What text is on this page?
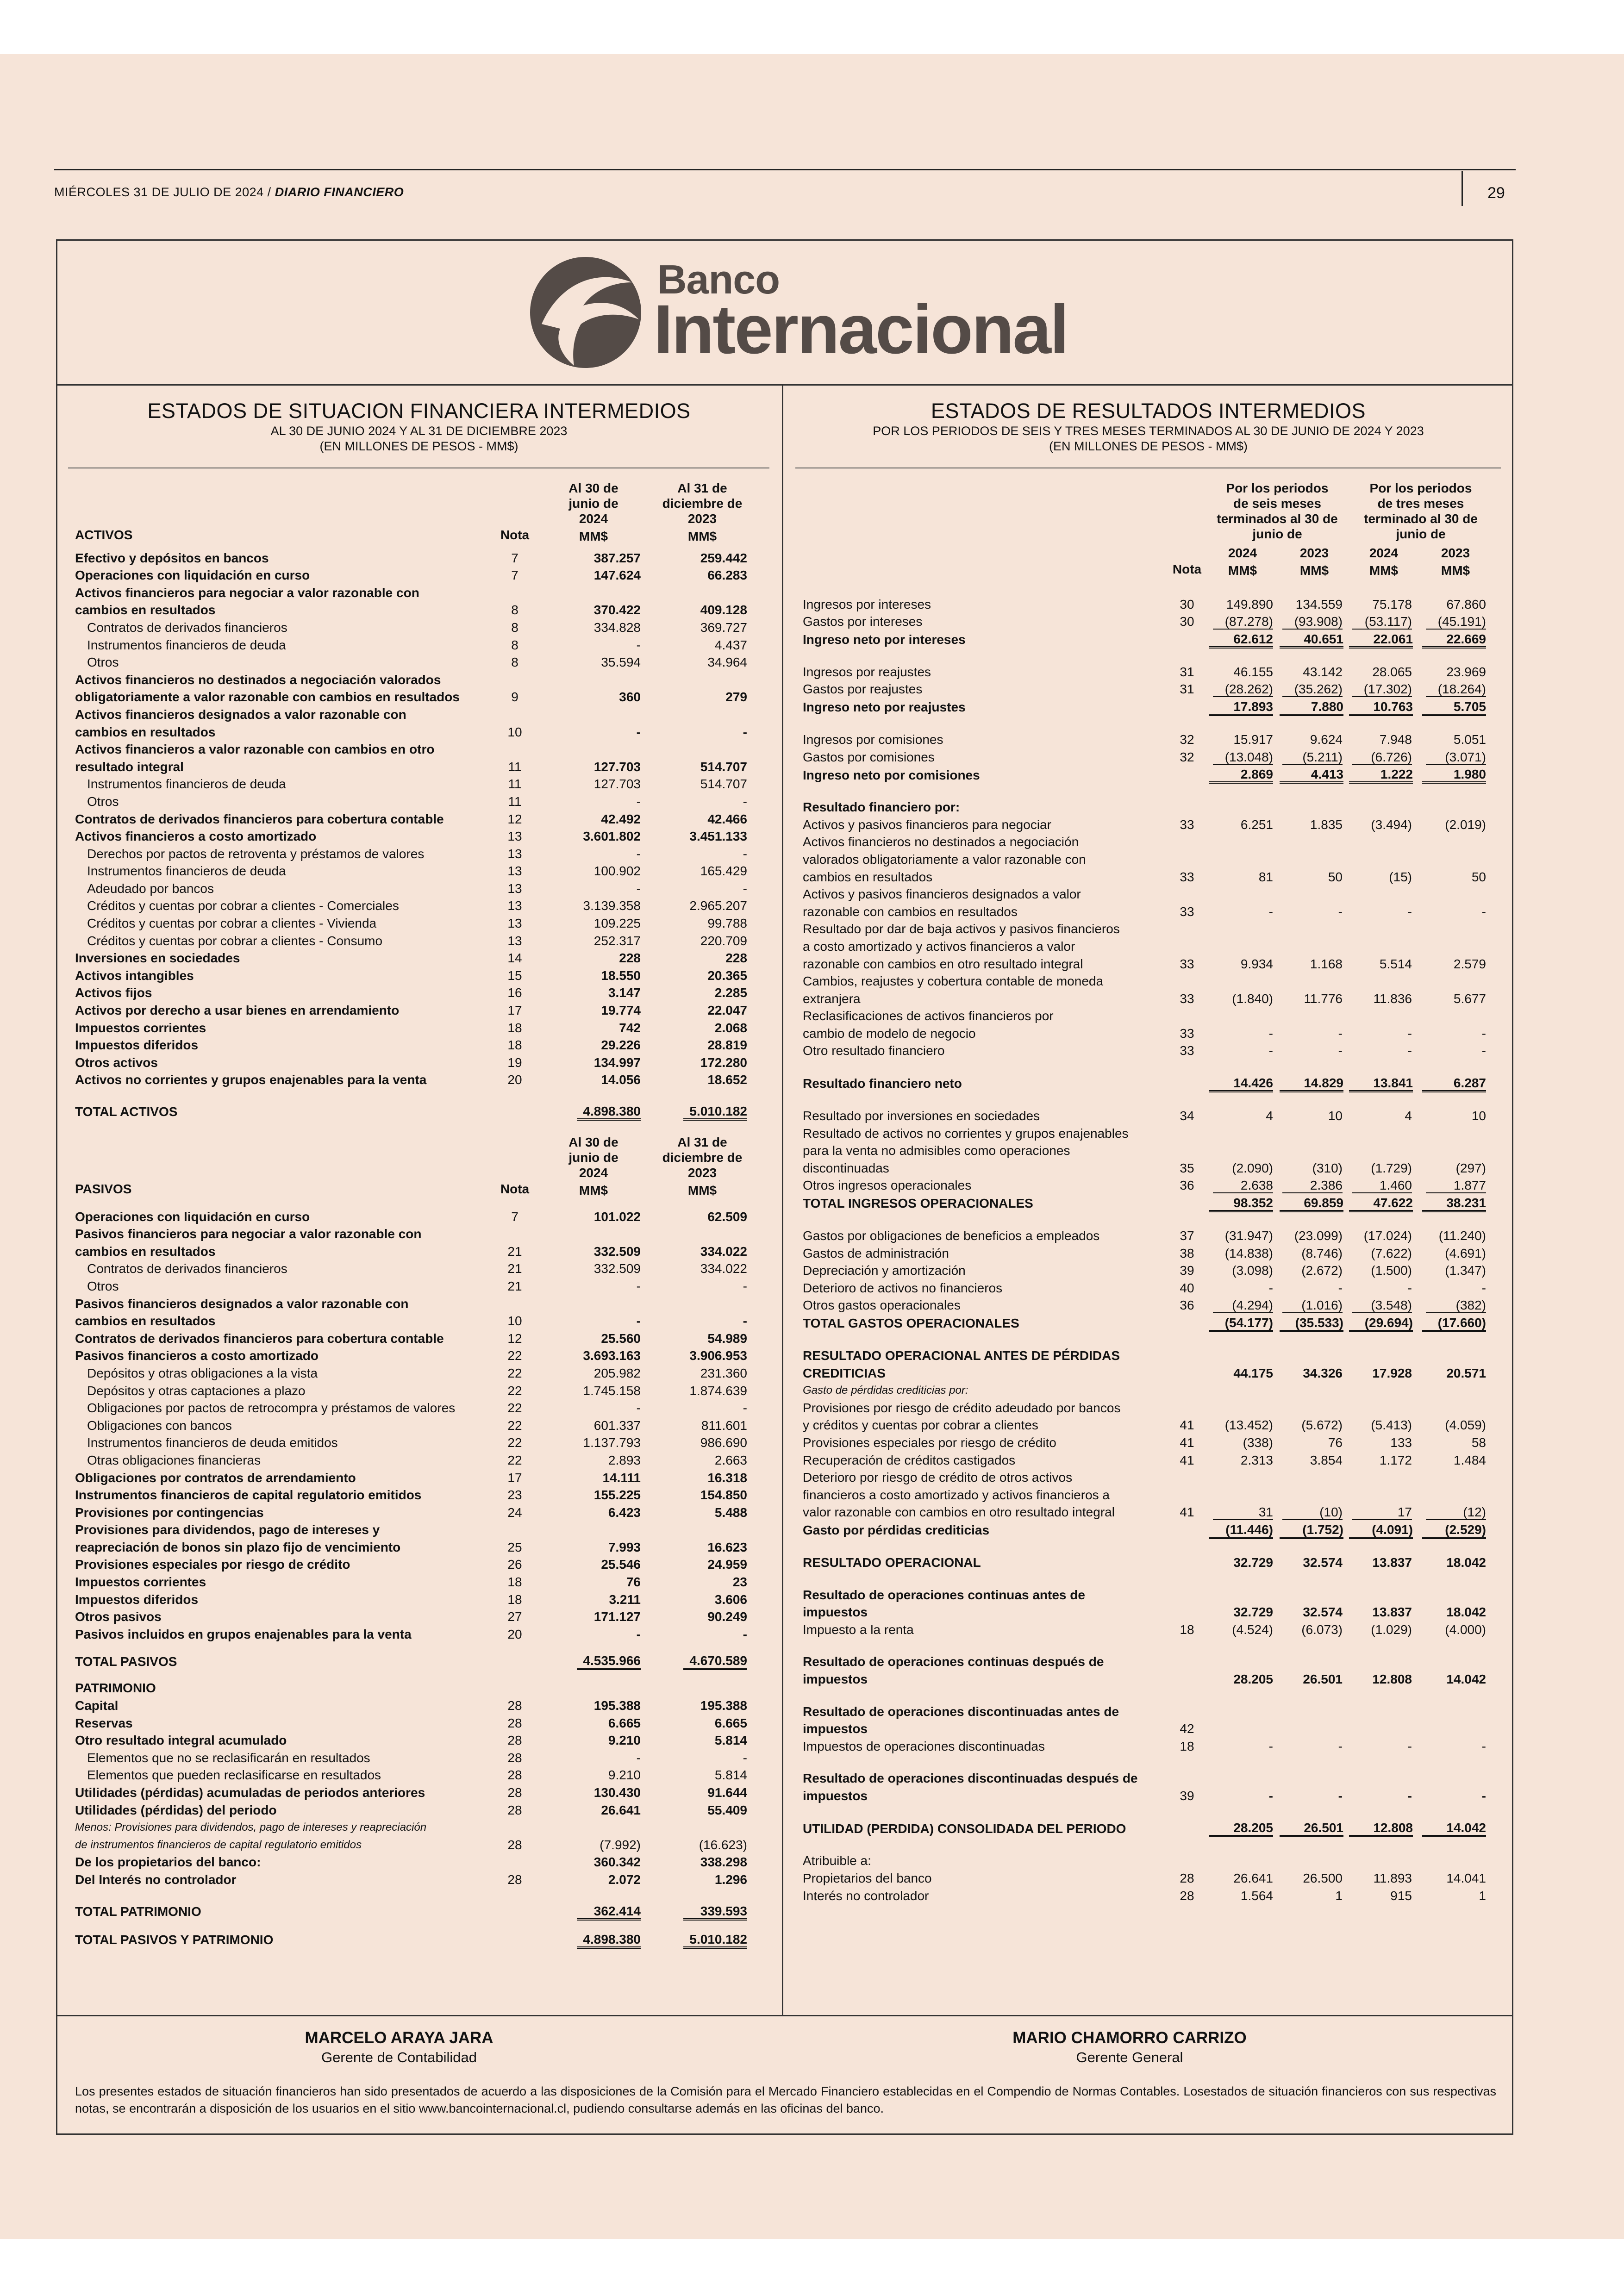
MIÉRCOLES 31 DE JULIO DE 2024 / DIARIO FINANCIERO	29
Banco
Internacional
ESTADOS DE SITUACION FINANCIERA INTERMEDIOS
AL 30 DE JUNIO 2024 Y AL 31 DE DICIEMBRE 2023
(EN MILLONES DE PESOS - MM$)
ESTADOS DE RESULTADOS INTERMEDIOS
POR LOS PERIODOS DE SEIS Y TRES MESES TERMINADOS AL 30 DE JUNIO DE 2024 Y 2023
(EN MILLONES DE PESOS - MM$)
		Al 30 de	Al 31 de
		junio de	diciembre de
		2024	2023
ACTIVOS	Nota	MM$	MM$

Efectivo y depósitos en bancos	7	387.257	259.442
Operaciones con liquidación en curso	7	147.624	66.283
Activos financieros para negociar a valor razonable con			
cambios en resultados	8	370.422	409.128
Contratos de derivados financieros	8	334.828	369.727
Instrumentos financieros de deuda	8	-	4.437
Otros	8	35.594	34.964
Activos financieros no destinados a negociación valorados			
obligatoriamente a valor razonable con cambios en resultados	9	360	279
Activos financieros designados a valor razonable con			
cambios en resultados	10	-	-
Activos financieros a valor razonable con cambios en otro			
resultado integral	11	127.703	514.707
Instrumentos financieros de deuda	11	127.703	514.707
Otros	11	-	-
Contratos de derivados financieros para cobertura contable	12	42.492	42.466
Activos financieros a costo amortizado	13	3.601.802	3.451.133
Derechos por pactos de retroventa y préstamos de valores	13	-	-
Instrumentos financieros de deuda	13	100.902	165.429
Adeudado por bancos	13	-	-
Créditos y cuentas por cobrar a clientes - Comerciales	13	3.139.358	2.965.207
Créditos y cuentas por cobrar a clientes - Vivienda	13	109.225	99.788
Créditos y cuentas por cobrar a clientes - Consumo	13	252.317	220.709
Inversiones en sociedades	14	228	228
Activos intangibles	15	18.550	20.365
Activos fijos	16	3.147	2.285
Activos por derecho a usar bienes en arrendamiento	17	19.774	22.047
Impuestos corrientes	18	742	2.068
Impuestos diferidos	18	29.226	28.819
Otros activos	19	134.997	172.280
Activos no corrientes y grupos enajenables para la venta	20	14.056	18.652

TOTAL ACTIVOS		4.898.380	5.010.182

		Al 30 de	Al 31 de
		junio de	diciembre de
		2024	2023
PASIVOS	Nota	MM$	MM$

Operaciones con liquidación en curso	7	101.022	62.509
Pasivos financieros para negociar a valor razonable con			
cambios en resultados	21	332.509	334.022
Contratos de derivados financieros	21	332.509	334.022
Otros	21	-	-
Pasivos financieros designados a valor razonable con			
cambios en resultados	10	-	-
Contratos de derivados financieros para cobertura contable	12	25.560	54.989
Pasivos financieros a costo amortizado	22	3.693.163	3.906.953
Depósitos y otras obligaciones a la vista	22	205.982	231.360
Depósitos y otras captaciones a plazo	22	1.745.158	1.874.639
Obligaciones por pactos de retrocompra y préstamos de valores	22	-	-
Obligaciones con bancos	22	601.337	811.601
Instrumentos financieros de deuda emitidos	22	1.137.793	986.690
Otras obligaciones financieras	22	2.893	2.663
Obligaciones por contratos de arrendamiento	17	14.111	16.318
Instrumentos financieros de capital regulatorio emitidos	23	155.225	154.850
Provisiones por contingencias	24	6.423	5.488
Provisiones para dividendos, pago de intereses y			
reapreciación de bonos sin plazo fijo de vencimiento	25	7.993	16.623
Provisiones especiales por riesgo de crédito	26	25.546	24.959
Impuestos corrientes	18	76	23
Impuestos diferidos	18	3.211	3.606
Otros pasivos	27	171.127	90.249
Pasivos incluidos en grupos enajenables para la venta	20	-	-

TOTAL PASIVOS		4.535.966	4.670.589

PATRIMONIO			
Capital	28	195.388	195.388
Reservas	28	6.665	6.665
Otro resultado integral acumulado	28	9.210	5.814
Elementos que no se reclasificarán en resultados	28	-	-
Elementos que pueden reclasificarse en resultados	28	9.210	5.814
Utilidades (pérdidas) acumuladas de periodos anteriores	28	130.430	91.644
Utilidades (pérdidas) del periodo	28	26.641	55.409
Menos: Provisiones para dividendos, pago de intereses y reapreciación			
de instrumentos financieros de capital regulatorio emitidos	28	(7.992)	(16.623)
De los propietarios del banco:		360.342	338.298
Del Interés no controlador	28	2.072	1.296

TOTAL PATRIMONIO		362.414	339.593

TOTAL PASIVOS Y PATRIMONIO		4.898.380	5.010.182
		Por los periodos		Por los periodos	
		de seis meses		de tres meses	
		terminados al 30 de		terminado al 30 de	
		junio de		junio de	

		2024	2023	2024	2023
	Nota	MM$	MM$	MM$	MM$

Ingresos por intereses	30	149.890	134.559	75.178	67.860
Gastos por intereses	30	(87.278)	(93.908)	(53.117)	(45.191)
Ingreso neto por intereses		62.612	40.651	22.061	22.669

Ingresos por reajustes	31	46.155	43.142	28.065	23.969
Gastos por reajustes	31	(28.262)	(35.262)	(17.302)	(18.264)
Ingreso neto por reajustes		17.893	7.880	10.763	5.705

Ingresos por comisiones	32	15.917	9.624	7.948	5.051
Gastos por comisiones	32	(13.048)	(5.211)	(6.726)	(3.071)
Ingreso neto por comisiones		2.869	4.413	1.222	1.980

Resultado financiero por:					
Activos y pasivos financieros para negociar	33	6.251	1.835	(3.494)	(2.019)
Activos financieros no destinados a negociación					
valorados obligatoriamente a valor razonable con					
cambios en resultados	33	81	50	(15)	50
Activos y pasivos financieros designados a valor					
razonable con cambios en resultados	33	-	-	-	-
Resultado por dar de baja activos y pasivos financieros					
a costo amortizado y activos financieros a valor					
razonable con cambios en otro resultado integral	33	9.934	1.168	5.514	2.579
Cambios, reajustes y cobertura contable de moneda					
extranjera	33	(1.840)	11.776	11.836	5.677
Reclasificaciones de activos financieros por					
cambio de modelo de negocio	33	-	-	-	-
Otro resultado financiero	33	-	-	-	-

Resultado financiero neto		14.426	14.829	13.841	6.287

Resultado por inversiones en sociedades	34	4	10	4	10
Resultado de activos no corrientes y grupos enajenables					
para la venta no admisibles como operaciones					
discontinuadas	35	(2.090)	(310)	(1.729)	(297)
Otros ingresos operacionales	36	2.638	2.386	1.460	1.877
TOTAL INGRESOS OPERACIONALES		98.352	69.859	47.622	38.231

Gastos por obligaciones de beneficios a empleados	37	(31.947)	(23.099)	(17.024)	(11.240)
Gastos de administración	38	(14.838)	(8.746)	(7.622)	(4.691)
Depreciación y amortización	39	(3.098)	(2.672)	(1.500)	(1.347)
Deterioro de activos no financieros	40	-	-	-	-
Otros gastos operacionales	36	(4.294)	(1.016)	(3.548)	(382)
TOTAL GASTOS OPERACIONALES		(54.177)	(35.533)	(29.694)	(17.660)

RESULTADO OPERACIONAL ANTES DE PÉRDIDAS					
CREDITICIAS		44.175	34.326	17.928	20.571
Gasto de pérdidas crediticias por:					
Provisiones por riesgo de crédito adeudado por bancos					
y créditos y cuentas por cobrar a clientes	41	(13.452)	(5.672)	(5.413)	(4.059)
Provisiones especiales por riesgo de crédito	41	(338)	76	133	58
Recuperación de créditos castigados	41	2.313	3.854	1.172	1.484
Deterioro por riesgo de crédito de otros activos					
financieros a costo amortizado y activos financieros a					
valor razonable con cambios en otro resultado integral	41	31	(10)	17	(12)
Gasto por pérdidas crediticias		(11.446)	(1.752)	(4.091)	(2.529)

RESULTADO OPERACIONAL		32.729	32.574	13.837	18.042

Resultado de operaciones continuas antes de					
impuestos		32.729	32.574	13.837	18.042
Impuesto a la renta	18	(4.524)	(6.073)	(1.029)	(4.000)

Resultado de operaciones continuas después de					
impuestos		28.205	26.501	12.808	14.042

Resultado de operaciones discontinuadas antes de					
impuestos	42				
Impuestos de operaciones discontinuadas	18	-	-	-	-

Resultado de operaciones discontinuadas después de					
impuestos	39	-	-	-	-

UTILIDAD (PERDIDA) CONSOLIDADA DEL PERIODO		28.205	26.501	12.808	14.042

Atribuible a:					
Propietarios del banco	28	26.641	26.500	11.893	14.041
Interés no controlador	28	1.564	1	915	1
MARCELO ARAYA JARA
Gerente de Contabilidad
MARIO CHAMORRO CARRIZO
Gerente General
Los presentes estados de situación financieros han sido presentados de acuerdo a las disposiciones de la Comisión para el Mercado Financiero establecidas en el Compendio de Normas Contables. Losestados de situación financieros con sus respectivas notas, se encontrarán a disposición de los usuarios en el sitio www.bancointernacional.cl, pudiendo consultarse además en las oficinas del banco.
